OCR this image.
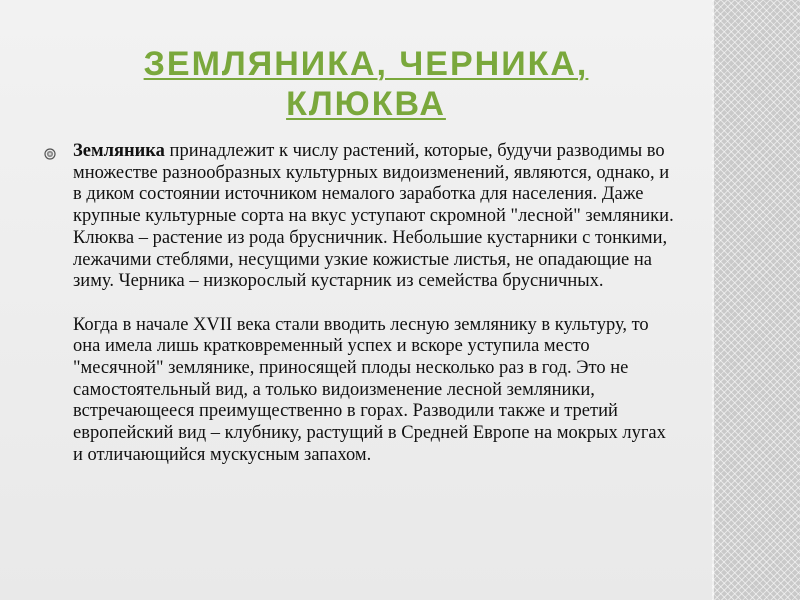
ЗЕМЛЯНИКА, ЧЕРНИКА,
КЛЮКВА

Земляника принадлежит к числу растений, которые, будучи разводимы во множестве разнообразных культурных видоизменений, являются, однако, и в диком состоянии источником немалого заработка для населения. Даже крупные культурные сорта на вкус уступают скромной "лесной" земляники. Клюква – растение из рода брусничник. Небольшие кустарники с тонкими, лежачими стеблями, несущими узкие кожистые листья, не опадающие на зиму. Черника – низкорослый кустарник из семейства брусничных.

Когда в начале XVII века стали вводить лесную землянику в культуру, то она имела лишь кратковременный успех и вскоре уступила место "месячной" землянике, приносящей плоды несколько раз в год. Это не самостоятельный вид, а только видоизменение лесной земляники, встречающееся преимущественно в горах. Разводили также и третий европейский вид – клубнику, растущий в Средней Европе на мокрых лугах и отличающийся мускусным запахом.
